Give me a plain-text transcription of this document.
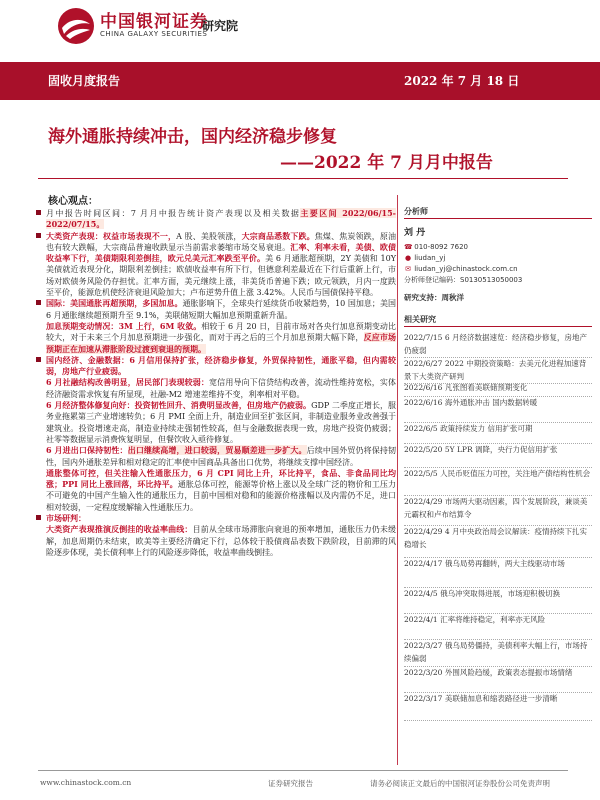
中国银河证券
CHINA GALAXY SECURITIES
研究院
固收月度报告	2022 年 7 月 18 日
海外通胀持续冲击，国内经济稳步修复
——2022 年 7 月月中报告
核心观点：

月中报告时间区间：7 月月中报告统计资产表现以及相关数据主要区间 2022/06/15-2022/07/15。

大类资产表现：权益市场表现不一，A 股、美股领涨，大宗商品悉数下跌。焦煤、焦炭领跌，原油也有较大跌幅，大宗商品普遍收跌显示当前需求萎缩市场交易衰退。汇率、利率未看，美债、欧债收益率下行，美债期限利差倒挂，欧元兑美元汇率跌至平价。美 6 月通胀超预期，2Y 美债和 10Y 美债就近表现分化，期限利差倒挂；欧债收益率有所下行，但德意利差最近在下行后重新上行，市场对欧债务风险仍存担忧。汇率方面，美元继续上涨，非美货币普遍下跌；欧元领跌，月内一度跌至平价，能源危机使经济衰退风险加大；卢布逆势升值上涨 3.42%。人民币与国债保持平稳。

国际：美国通胀再超预期，多国加息。通胀影响下，全球央行延续货币收紧趋势，10 国加息；美国 6 月通胀继续超预期升至 9.1%，美联储短期大幅加息预期重新升温。

加息预期变动情况：3M 上行，6M 收敛。相较于 6 月 20 日，目前市场对各央行加息预期变动比较大，对于未来三个月加息预期进一步强化，而对于再之后的三个月加息预期大幅下降，反应市场预期正在加速从滞胀阶段过渡到衰退的预期。

国内经济、金融数据：6 月信用保持扩张，经济稳步修复，外贸保持韧性，通胀平稳，但内需较弱，房地产行业疲弱。

6 月社融结构改善明显，居民部门表现较弱：宽信用导向下信贷结构改善，流动性维持宽松，实体经济融资需求恢复有所显现，社融-M2 增速差维持不变，利率相对平稳。

6 月经济整体修复向好：投资韧性回升、消费明显改善，但房地产仍疲弱。GDP 二季度正增长，服务业拖累第三产业增速转负；6 月 PMI 全面上升，制造业回至扩张区间，非制造业服务业改善强于建筑业。投资增速走高，制造业持续走强韧性较高，但与金融数据表现一致，房地产投资仍疲弱；社零等数据显示消费恢复明显，但餐饮收入亟待修复。

6 月进出口保持韧性：出口继续高增，进口较弱，贸易顺差进一步扩大。后续中国外贸仍将保持韧性，国内外通胀差异和相对稳定的汇率使中国商品具备出口优势，将继续支撑中国经济。

通胀整体可控，但关注输入性通胀压力，6 月 CPI 同比上升，环比持平，食品、非食品同比均涨；PPI 同比上涨回落，环比持平。通胀总体可控，能源等价格上涨以及全球广泛的物价和工压力不可避免的中国产生输入性的通胀压力，目前中国相对稳和的能源价格涨幅以及内需仍不足，进口相对较弱，一定程度缓解输入性通胀压力。

市场研判：

大类资产表现推演反倒挂的收益率曲线：目前从全球市场滞胀向衰退的预率增加，通胀压力仍未缓解，加息周期仍未结束，欧美等主要经济确定下行，总体较于股债商品表数下跌阶段，目前滞的风险逐步体现，美长债利率上行的风险逐步降低，收益率曲线倒挂。

分析师
刘 丹
☎ 010-8092 7620
● liudan_yj
✉ liudan_yj@chinastock.com.cn
分析师登记编码：S0130513050003
研究支持：周秋洋
相关研究
2022/7/15 6 月经济数据速览：经济稳步修复，房地产仍疲弱
2022/6/27 2022 中期投资策略：去美元化进程加速背景下大类资产研判
2022/6/16 凡张图看美联储预期变化
2022/6/16 海外通胀冲击 国内数据转暖
2022/6/5 政策持续发力 信用扩张可期
2022/5/20 5Y LPR 调降，央行力促信用扩张
2022/5/5 人民币贬值压力可控，关注地产债结构性机会
2022/4/29 市场两大驱动因素，四个发展阶段，兼谈美元霸权和卢布结算令
2022/4/29 4 月中央政治局会议解读：疫情持续下扎实稳增长
2022/4/17 俄乌局势再翻转，两大主线驱动市场
2022/4/5 俄乌冲突取得进展，市场迎积极切换
2022/4/1 汇率将维持稳定，利率亦无风险
2022/3/27 俄乌局势僵持，美债利率大幅上行，市场持续偏弱
2022/3/20 外围风险趋缓，政策表态提振市场情绪
2022/3/17 美联储加息和缩表路径进一步清晰
www.chinastock.com.cn	证券研究报告	请务必阅读正文最后的中国银河证券股份公司免责声明
